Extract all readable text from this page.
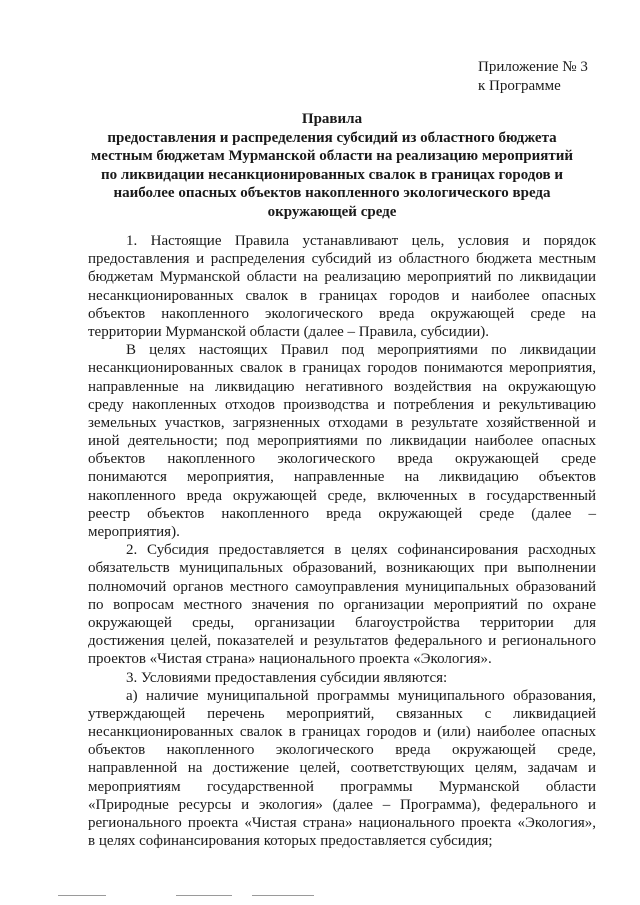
Приложение № 3
к Программе
Правила
предоставления и распределения субсидий из областного бюджета
местным бюджетам Мурманской области на реализацию мероприятий
по ликвидации несанкционированных свалок в границах городов и
наиболее опасных объектов накопленного экологического вреда
окружающей среде
1. Настоящие Правила устанавливают цель, условия и порядок
предоставления и распределения субсидий из областного бюджета местным
бюджетам Мурманской области на реализацию мероприятий по ликвидации
несанкционированных свалок в границах городов и наиболее опасных
объектов накопленного экологического вреда окружающей среде на
территории Мурманской области (далее – Правила, субсидии).
В целях настоящих Правил под мероприятиями по ликвидации
несанкционированных свалок в границах городов понимаются мероприятия,
направленные на ликвидацию негативного воздействия на окружающую
среду накопленных отходов производства и потребления и рекультивацию
земельных участков, загрязненных отходами в результате хозяйственной и
иной деятельности; под мероприятиями по ликвидации наиболее опасных
объектов накопленного экологического вреда окружающей среде
понимаются мероприятия, направленные на ликвидацию объектов
накопленного вреда окружающей среде, включенных в государственный
реестр объектов накопленного вреда окружающей среде (далее –
мероприятия).
2. Субсидия предоставляется в целях софинансирования расходных
обязательств муниципальных образований, возникающих при выполнении
полномочий органов местного самоуправления муниципальных образований
по вопросам местного значения по организации мероприятий по охране
окружающей среды, организации благоустройства территории для
достижения целей, показателей и результатов федерального и регионального
проектов «Чистая страна» национального проекта «Экология».
3. Условиями предоставления субсидии являются:
а) наличие муниципальной программы муниципального образования,
утверждающей перечень мероприятий, связанных с ликвидацией
несанкционированных свалок в границах городов и (или) наиболее опасных
объектов накопленного экологического вреда окружающей среде,
направленной на достижение целей, соответствующих целям, задачам и
мероприятиям государственной программы Мурманской области
«Природные ресурсы и экология» (далее – Программа), федерального и
регионального проекта «Чистая страна» национального проекта «Экология»,
в целях софинансирования которых предоставляется субсидия;
